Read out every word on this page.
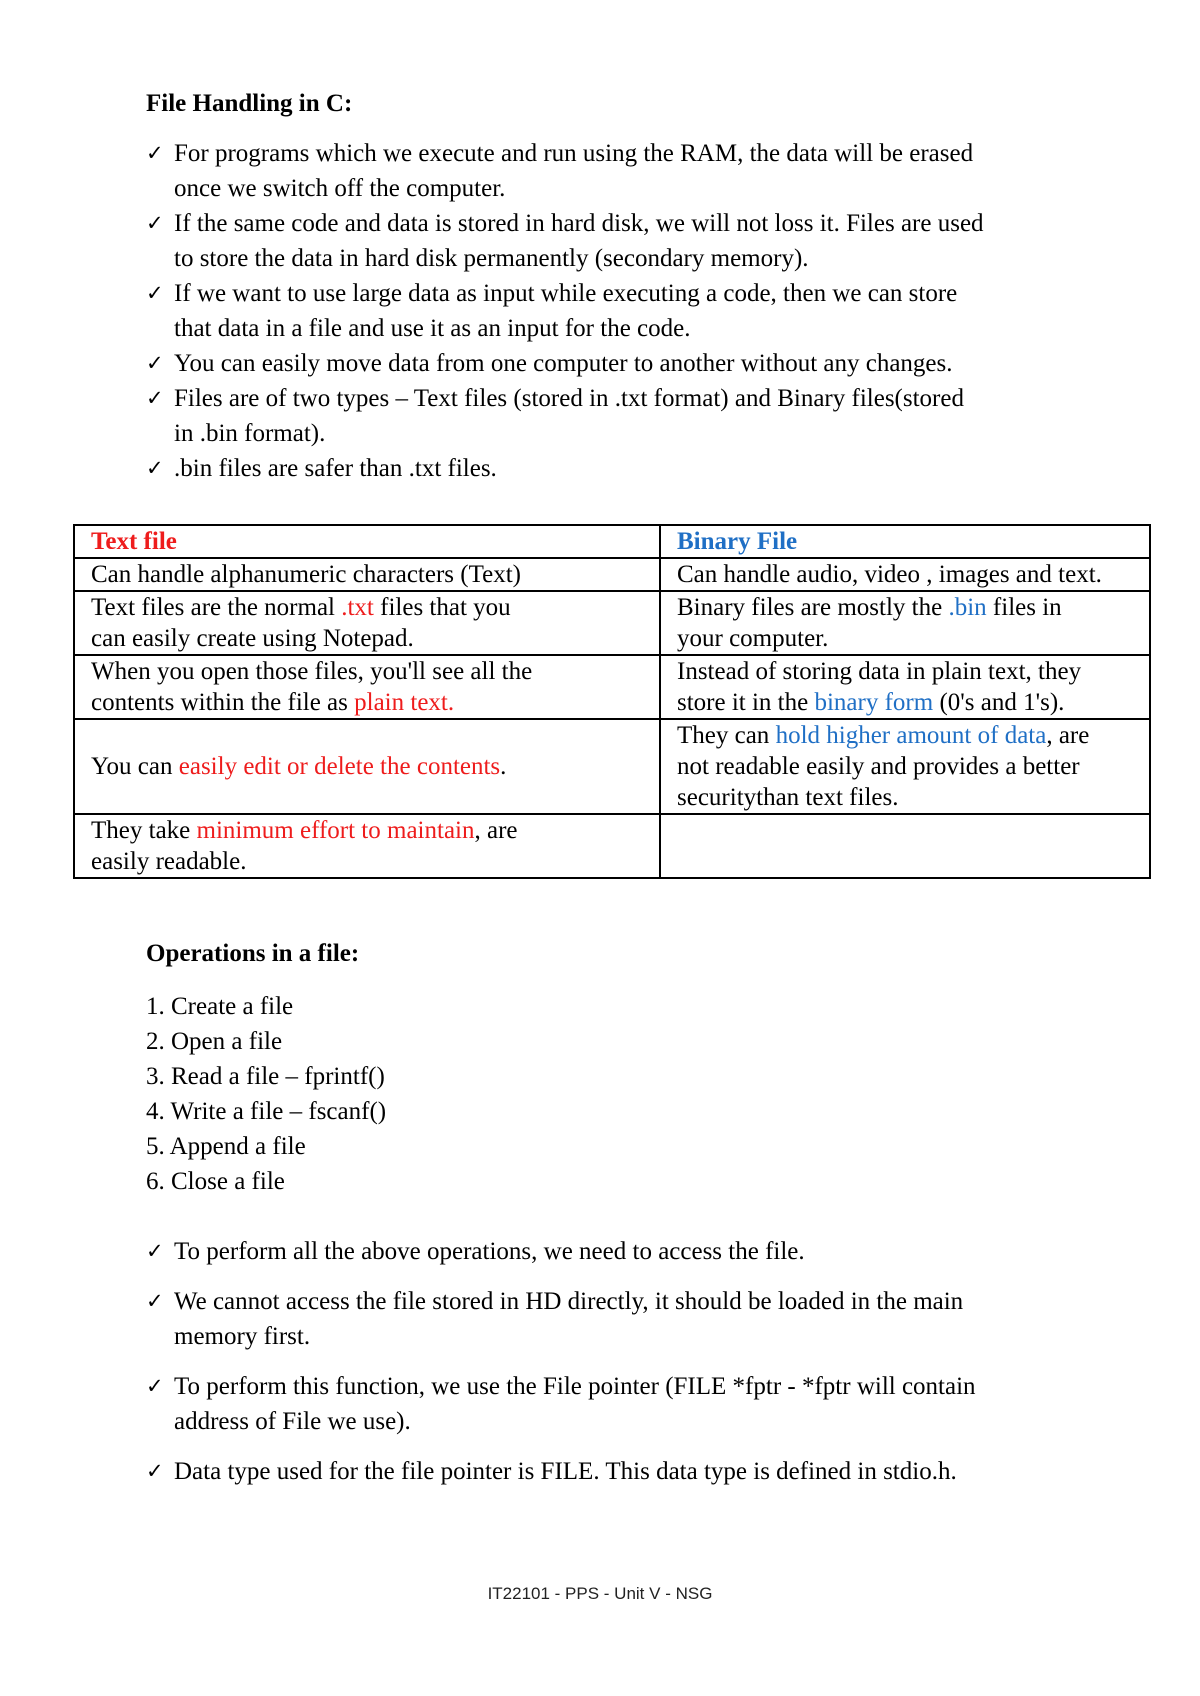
File Handling in C:
✓ For programs which we execute and run using the RAM, the data will be erased
once we switch off the computer.
✓ If the same code and data is stored in hard disk, we will not loss it. Files are used
to store the data in hard disk permanently (secondary memory).
✓ If we want to use large data as input while executing a code, then we can store
that data in a file and use it as an input for the code.
✓ You can easily move data from one computer to another without any changes.
✓ Files are of two types – Text files (stored in .txt format) and Binary files(stored
in .bin format).
✓ .bin files are safer than .txt files.
Text file	Binary File
Can handle alphanumeric characters (Text)	Can handle audio, video , images and text.
Text files are the normal .txt files that you
can easily create using Notepad.	Binary files are mostly the .bin files in
your computer.
When you open those files, you'll see all the
contents within the file as plain text.	Instead of storing data in plain text, they
store it in the binary form (0's and 1's).
You can easily edit or delete the contents.	They can hold higher amount of data, are
not readable easily and provides a better
securitythan text files.
They take minimum effort to maintain, are
easily readable.	
Operations in a file:
1. Create a file
2. Open a file
3. Read a file – fprintf()
4. Write a file – fscanf()
5. Append a file
6. Close a file
✓ To perform all the above operations, we need to access the file.
✓ We cannot access the file stored in HD directly, it should be loaded in the main
memory first.
✓ To perform this function, we use the File pointer (FILE *fptr - *fptr will contain
address of File we use).
✓ Data type used for the file pointer is FILE. This data type is defined in stdio.h.
IT22101 - PPS - Unit V - NSG
